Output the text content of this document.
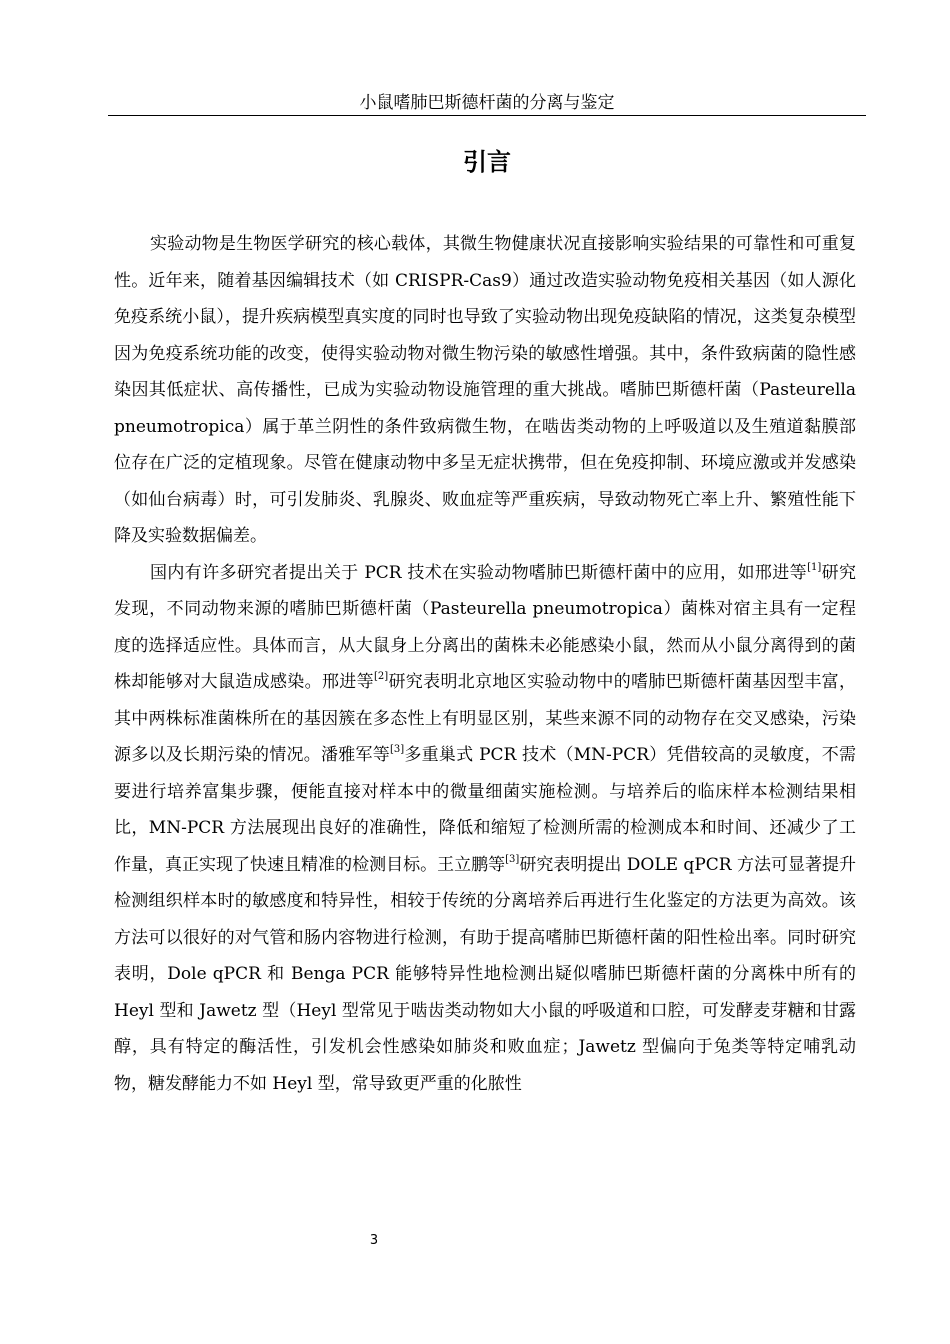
小鼠嗜肺巴斯德杆菌的分离与鉴定
引言

实验动物是生物医学研究的核心载体，其微生物健康状况直接影响实验结果的可靠性和可重复性。近年来，随着基因编辑技术（如 CRISPR-Cas9）通过改造实验动物免疫相关基因（如人源化免疫系统小鼠），提升疾病模型真实度的同时也导致了实验动物出现免疫缺陷的情况，这类复杂模型因为免疫系统功能的改变，使得实验动物对微生物污染的敏感性增强。其中，条件致病菌的隐性感染因其低症状、高传播性，已成为实验动物设施管理的重大挑战。嗜肺巴斯德杆菌（Pasteurella pneumotropica）属于革兰阴性的条件致病微生物，在啮齿类动物的上呼吸道以及生殖道黏膜部位存在广泛的定植现象。尽管在健康动物中多呈无症状携带，但在免疫抑制、环境应激或并发感染（如仙台病毒）时，可引发肺炎、乳腺炎、败血症等严重疾病，导致动物死亡率上升、繁殖性能下降及实验数据偏差。

国内有许多研究者提出关于 PCR 技术在实验动物嗜肺巴斯德杆菌中的应用，如邢进等[1]研究发现，不同动物来源的嗜肺巴斯德杆菌（Pasteurella pneumotropica）菌株对宿主具有一定程度的选择适应性。具体而言，从大鼠身上分离出的菌株未必能感染小鼠，然而从小鼠分离得到的菌株却能够对大鼠造成感染。邢进等[2]研究表明北京地区实验动物中的嗜肺巴斯德杆菌基因型丰富，其中两株标准菌株所在的基因簇在多态性上有明显区别，某些来源不同的动物存在交叉感染，污染源多以及长期污染的情况。潘雅军等[3]多重巢式 PCR 技术（MN-PCR）凭借较高的灵敏度，不需要进行培养富集步骤，便能直接对样本中的微量细菌实施检测。与培养后的临床样本检测结果相比，MN-PCR 方法展现出良好的准确性，降低和缩短了检测所需的检测成本和时间、还减少了工作量，真正实现了快速且精准的检测目标。王立鹏等[3]研究表明提出 DOLE qPCR 方法可显著提升检测组织样本时的敏感度和特异性，相较于传统的分离培养后再进行生化鉴定的方法更为高效。该方法可以很好的对气管和肠内容物进行检测，有助于提高嗜肺巴斯德杆菌的阳性检出率。同时研究表明，Dole qPCR 和 Benga PCR 能够特异性地检测出疑似嗜肺巴斯德杆菌的分离株中所有的 Heyl 型和 Jawetz 型（Heyl 型常见于啮齿类动物如大小鼠的呼吸道和口腔，可发酵麦芽糖和甘露醇，具有特定的酶活性，引发机会性感染如肺炎和败血症；Jawetz 型偏向于兔类等特定哺乳动物，糖发酵能力不如 Heyl 型，常导致更严重的化脓性

3
